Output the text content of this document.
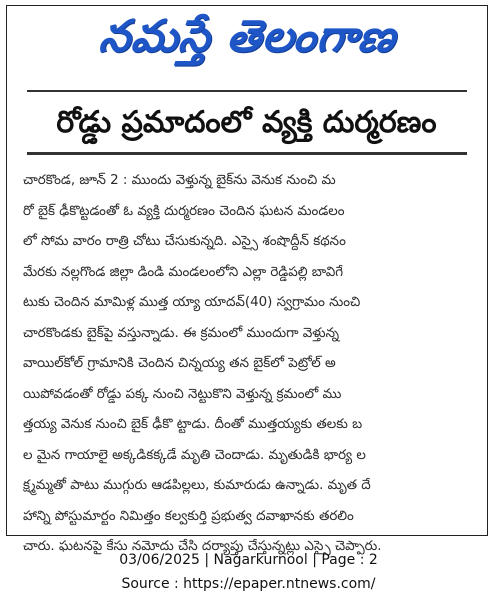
నమస్తే తెలంగాణ
రోడ్డు ప్రమాదంలో వ్యక్తి దుర్మరణం
చారకొండ, జూన్ 2 : ముందు వెళ్తున్న బైక్‌ను వెనుక నుంచి మ
రో బైక్ ఢీకొట్టడంతో ఓ వ్యక్తి దుర్మరణం చెందిన ఘటన మండలం
లో సోమ వారం రాత్రి చోటు చేసుకున్నది. ఎస్సై శంషొద్దీన్ కథనం
మేరకు నల్లగొండ జిల్లా డిండి మండలంలోని ఎల్లా రెడ్డిపల్లి బావిగే
టుకు చెందిన మామిళ్ల ముత్త య్యా యాదవ్(40) స్వగ్రామం నుంచి
చారకొండకు బైక్‌పై వస్తున్నాడు. ఈ క్రమంలో ముందుగా వెళ్తున్న
వాయిల్‌కోల్ గ్రామానికి చెందిన చిన్నయ్య తన బైక్‌లో పెట్రోల్ అ
యిపోవడంతో రోడ్డు పక్క నుంచి నెట్టుకొని వెళ్తున్న క్రమంలో ము
త్తయ్య వెనుక నుంచి బైక్ ఢీకొ ట్టాడు. దీంతో ముత్తయ్యకు తలకు బ
ల మైన గాయాలై అక్కడికక్కడే మృతి చెందాడు. మృతుడికి భార్య ల
క్ష్మమ్మతో పాటు ముగ్గురు ఆడపిల్లలు, కుమారుడు ఉన్నాడు. మృత దే
హాన్ని పోస్టుమార్టం నిమిత్తం కల్వకుర్తి ప్రభుత్వ దవాఖానకు తరలిం
చారు. ఘటనపై కేసు నమోదు చేసి దర్యాప్తు చేస్తున్నట్లు ఎస్సై చెప్పారు.
03/06/2025 | Nagarkurnool | Page : 2
Source : https://epaper.ntnews.com/
